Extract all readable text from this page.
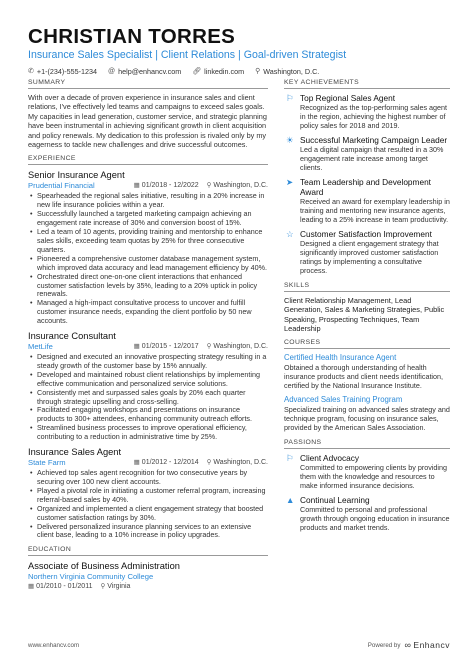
CHRISTIAN TORRES
Insurance Sales Specialist | Client Relations | Goal-driven Strategist
✆ +1-(234)-555-1234 @ help@enhancv.com 🔗︎ linkedin.com ⚲ Washington, D.C.
SUMMARY
With over a decade of proven experience in insurance sales and client relations, I've effectively led teams and campaigns to exceed sales goals. My capacities in lead generation, customer service, and strategic planning have been instrumental in achieving significant growth in client acquisition and policy renewals. My dedication to this profession is rivaled only by my eagerness to tackle new challenges and drive successful outcomes.
EXPERIENCE
Senior Insurance Agent
Prudential Financial	▦ 01/2018 - 12/2022 ⚲ Washington, D.C.
• Spearheaded the regional sales initiative, resulting in a 20% increase in new life insurance policies within a year.
• Successfully launched a targeted marketing campaign achieving an engagement rate increase of 30% and conversion boost of 15%.
• Led a team of 10 agents, providing training and mentorship to enhance sales skills, exceeding team quotas by 25% for three consecutive quarters.
• Pioneered a comprehensive customer database management system, which improved data accuracy and lead management efficiency by 40%.
• Orchestrated direct one-on-one client interactions that enhanced customer satisfaction levels by 35%, leading to a 20% uptick in policy renewals.
• Managed a high-impact consultative process to uncover and fulfill customer insurance needs, expanding the client portfolio by 50 new accounts.
Insurance Consultant
MetLife	▦ 01/2015 - 12/2017 ⚲ Washington, D.C.
• Designed and executed an innovative prospecting strategy resulting in a steady growth of the customer base by 15% annually.
• Developed and maintained robust client relationships by implementing effective communication and personalized service solutions.
• Consistently met and surpassed sales goals by 20% each quarter through strategic upselling and cross-selling.
• Facilitated engaging workshops and presentations on insurance products to 300+ attendees, enhancing community outreach efforts.
• Streamlined business processes to improve operational efficiency, contributing to a reduction in administrative time by 25%.
Insurance Sales Agent
State Farm	▦ 01/2012 - 12/2014 ⚲ Washington, D.C.
• Achieved top sales agent recognition for two consecutive years by securing over 100 new client accounts.
• Played a pivotal role in initiating a customer referral program, increasing referral-based sales by 40%.
• Organized and implemented a client engagement strategy that boosted customer satisfaction ratings by 30%.
• Delivered personalized insurance planning services to an extensive client base, leading to a 10% increase in policy upgrades.
EDUCATION
Associate of Business Administration
Northern Virginia Community College
▦ 01/2010 - 01/2011 ⚲ Virginia
KEY ACHIEVEMENTS
⚐ Top Regional Sales Agent
Recognized as the top-performing sales agent in the region, achieving the highest number of policy sales for 2018 and 2019.
☀ Successful Marketing Campaign Leader
Led a digital campaign that resulted in a 30% engagement rate increase among target clients.
➤ Team Leadership and Development Award
Received an award for exemplary leadership in training and mentoring new insurance agents, leading to a 25% increase in team productivity.
☆ Customer Satisfaction Improvement
Designed a client engagement strategy that significantly improved customer satisfaction ratings by implementing a consultative process.
SKILLS
Client Relationship Management, Lead Generation, Sales & Marketing Strategies, Public Speaking, Prospecting Techniques, Team Leadership
COURSES
Certified Health Insurance Agent
Obtained a thorough understanding of health insurance products and client needs identification, certified by the National Insurance Institute.
Advanced Sales Training Program
Specialized training on advanced sales strategy and technique program, focusing on insurance sales, provided by the American Sales Association.
PASSIONS
⚐ Client Advocacy
Committed to empowering clients by providing them with the knowledge and resources to make informed insurance decisions.
▲ Continual Learning
Committed to personal and professional growth through ongoing education in insurance products and market trends.
www.enhancv.com	Powered by ∞ Enhancv
